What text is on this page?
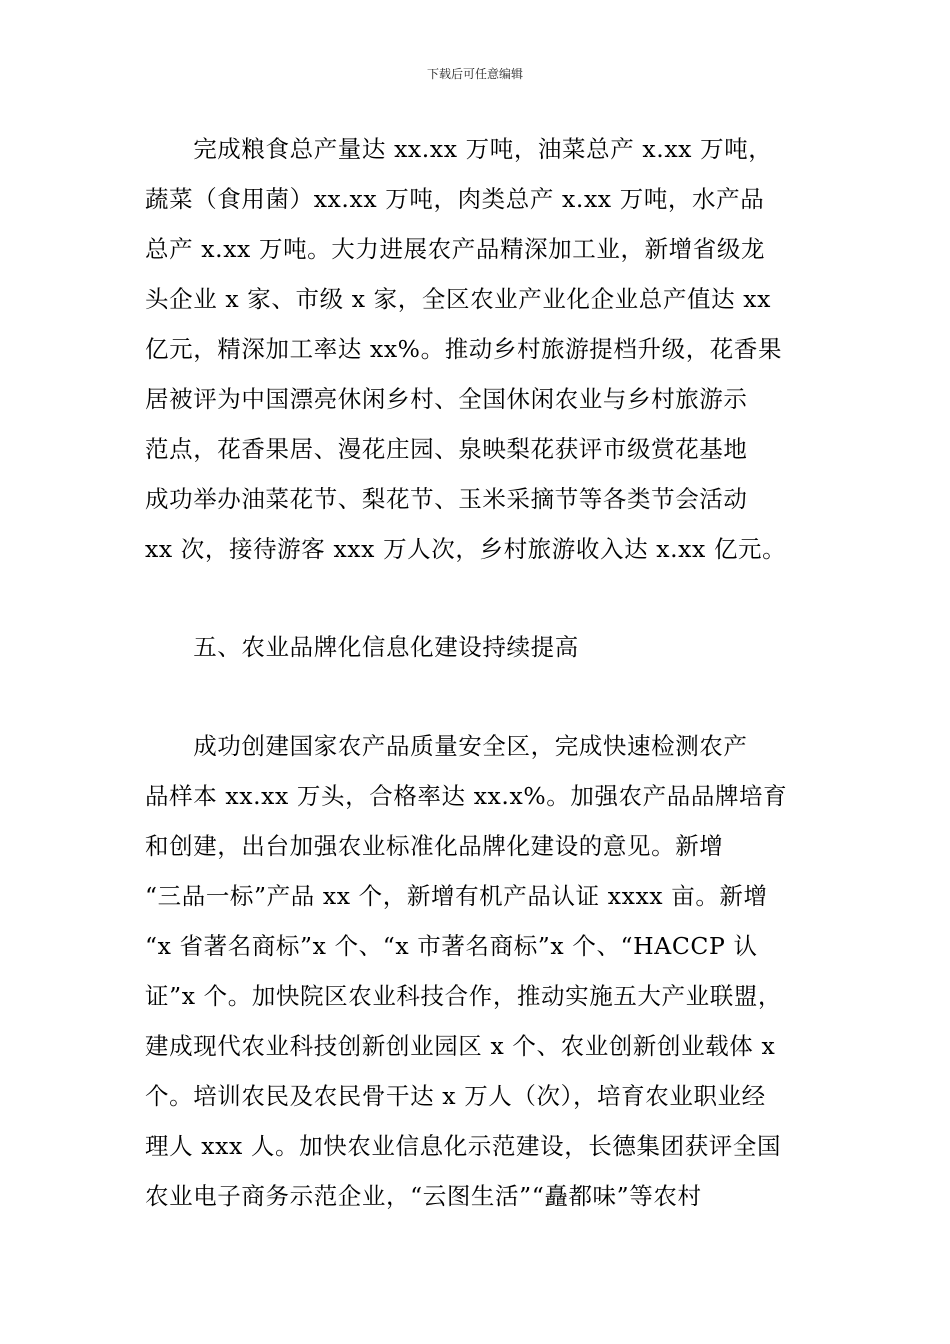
下载后可任意编辑
　　完成粮食总产量达 xx.xx 万吨，油菜总产 x.xx 万吨，
蔬菜（食用菌）xx.xx 万吨，肉类总产 x.xx 万吨，水产品
总产 x.xx 万吨。大力进展农产品精深加工业，新增省级龙
头企业 x 家、市级 x 家，全区农业产业化企业总产值达 xx
亿元，精深加工率达 xx%。推动乡村旅游提档升级，花香果
居被评为中国漂亮休闲乡村、全国休闲农业与乡村旅游示
范点，花香果居、漫花庄园、泉映梨花获评市级赏花基地
成功举办油菜花节、梨花节、玉米采摘节等各类节会活动
xx 次，接待游客 xxx 万人次，乡村旅游收入达 x.xx 亿元。
　　五、农业品牌化信息化建设持续提高
　　成功创建国家农产品质量安全区，完成快速检测农产
品样本 xx.xx 万头，合格率达 xx.x%。加强农产品品牌培育
和创建，出台加强农业标准化品牌化建设的意见。新增
“三品一标”产品 xx 个，新增有机产品认证 xxxx 亩。新增
“x 省著名商标”x 个、“x 市著名商标”x 个、“HACCP 认
证”x 个。加快院区农业科技合作，推动实施五大产业联盟，
建成现代农业科技创新创业园区 x 个、农业创新创业载体 x
个。培训农民及农民骨干达 x 万人（次），培育农业职业经
理人 xxx 人。加快农业信息化示范建设，长德集团获评全国
农业电子商务示范企业，“云图生活”“矗都味”等农村
